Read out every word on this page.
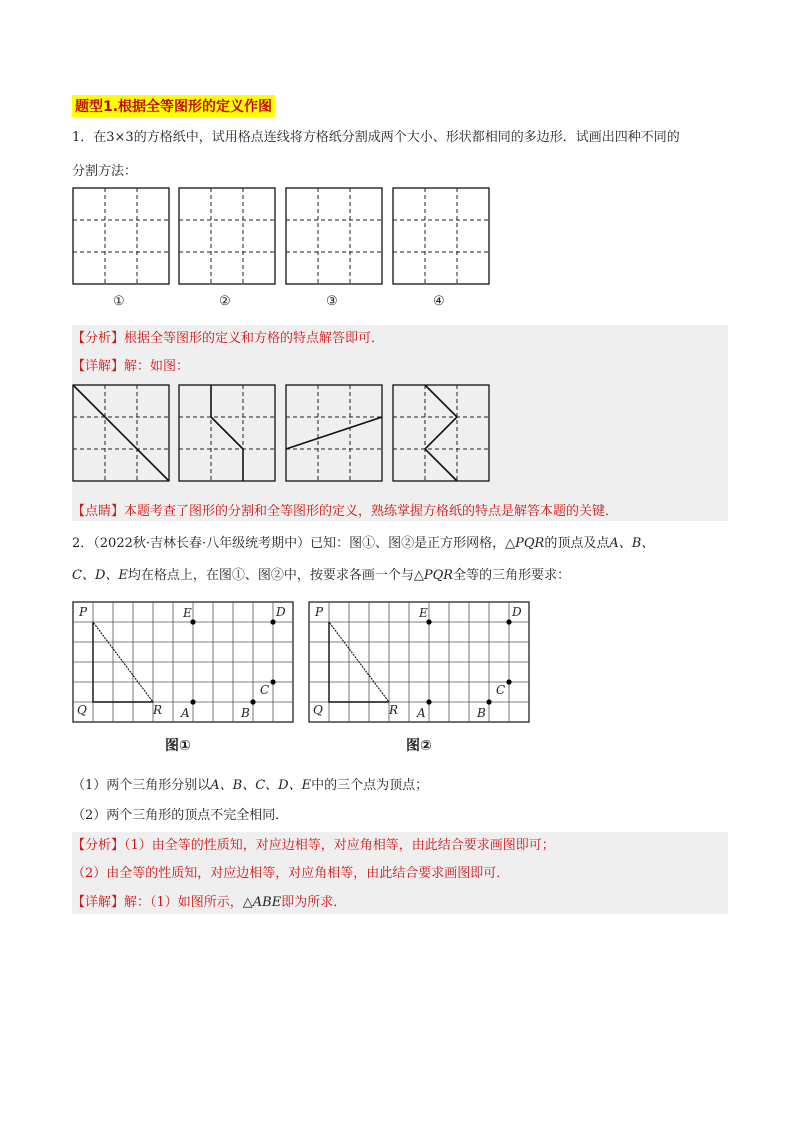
题型1.根据全等图形的定义作图
1．在3×3的方格纸中，试用格点连线将方格纸分割成两个大小、形状都相同的多边形．试画出四种不同的
分割方法：
①	②	③	④
【分析】根据全等图形的定义和方格的特点解答即可．
【详解】解：如图：
【点睛】本题考查了图形的分割和全等图形的定义，熟练掌握方格纸的特点是解答本题的关键．
2．（2022秋·吉林长春·八年级统考期中）已知：图①、图②是正方形网格，△PQR的顶点及点A、B、
C、D、E均在格点上，在图①、图②中，按要求各画一个与△PQR全等的三角形要求：
P
Q	R
E	D
C
A	B
P
Q	R
E	D
C
A	B
图①	图②
（1）两个三角形分别以A、B、C、D、E中的三个点为顶点；
（2）两个三角形的顶点不完全相同．
【分析】（1）由全等的性质知，对应边相等，对应角相等，由此结合要求画图即可；
（2）由全等的性质知，对应边相等，对应角相等，由此结合要求画图即可．
【详解】解：（1）如图所示，△ABE即为所求．
